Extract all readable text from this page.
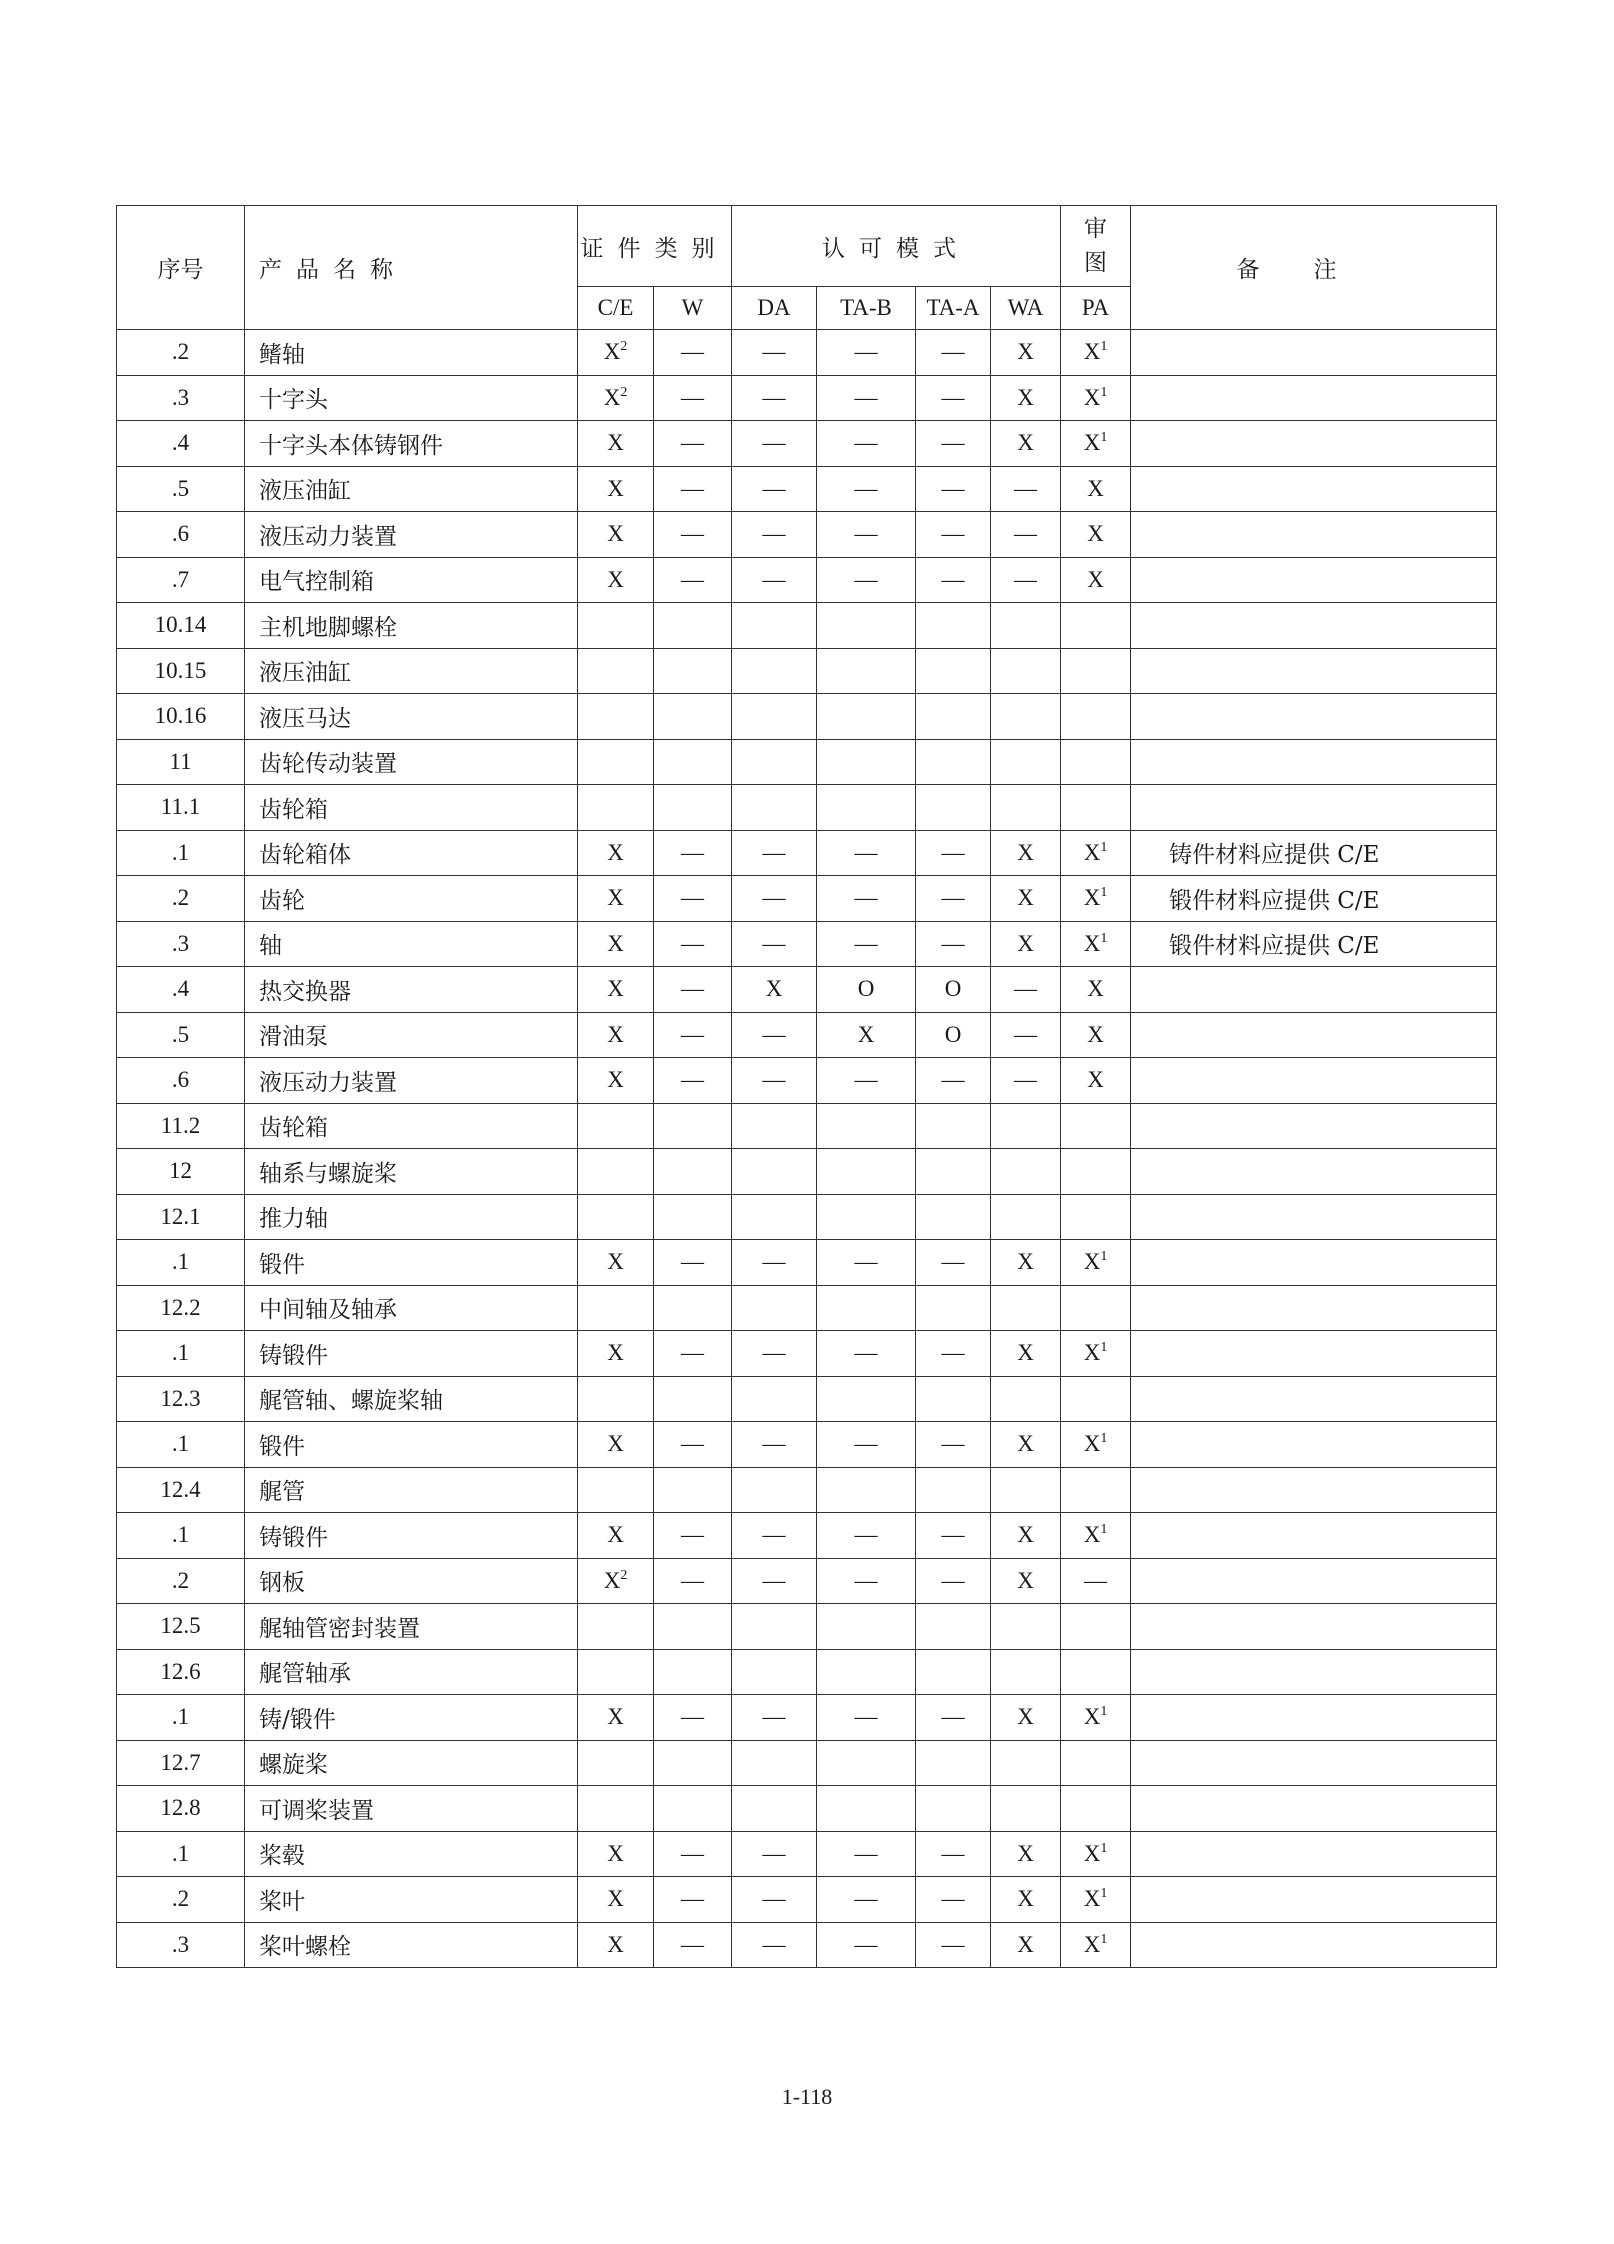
序号	产品名称	证件类别		认可模式				审图	备注
		C/E	W	DA	TA-B	TA-A	WA	PA	
.2	鳍轴	$X^2$	—	—	—	—	X	$X^1$	
.3	十字头	$X^2$	—	—	—	—	X	$X^1$	
.4	十字头本体铸钢件	X	—	—	—	—	X	$X^1$	
.5	液压油缸	X	—	—	—	—	—	X	
.6	液压动力装置	X	—	—	—	—	—	X	
.7	电气控制箱	X	—	—	—	—	—	X	
10.14	主机地脚螺栓								
10.15	液压油缸								
10.16	液压马达								
11	齿轮传动装置								
11.1	齿轮箱								
.1	齿轮箱体	X	—	—	—	—	X	$X^1$	铸件材料应提供 C/E
.2	齿轮	X	—	—	—	—	X	$X^1$	锻件材料应提供 C/E
.3	轴	X	—	—	—	—	X	$X^1$	锻件材料应提供 C/E
.4	热交换器	X	—	X	O	O	—	X	
.5	滑油泵	X	—	—	X	O	—	X	
.6	液压动力装置	X	—	—	—	—	—	X	
11.2	齿轮箱								
12	轴系与螺旋桨								
12.1	推力轴								
.1	锻件	X	—	—	—	—	X	$X^1$	
12.2	中间轴及轴承								
.1	铸锻件	X	—	—	—	—	X	$X^1$	
12.3	艉管轴、螺旋桨轴								
.1	锻件	X	—	—	—	—	X	$X^1$	
12.4	艉管								
.1	铸锻件	X	—	—	—	—	X	$X^1$	
.2	钢板	$X^2$	—	—	—	—	X	—	
12.5	艉轴管密封装置								
12.6	艉管轴承								
.1	铸/锻件	X	—	—	—	—	X	$X^1$	
12.7	螺旋桨								
12.8	可调桨装置								
.1	桨毂	X	—	—	—	—	X	$X^1$	
.2	桨叶	X	—	—	—	—	X	$X^1$	
.3	桨叶螺栓	X	—	—	—	—	X	$X^1$	
1-118
